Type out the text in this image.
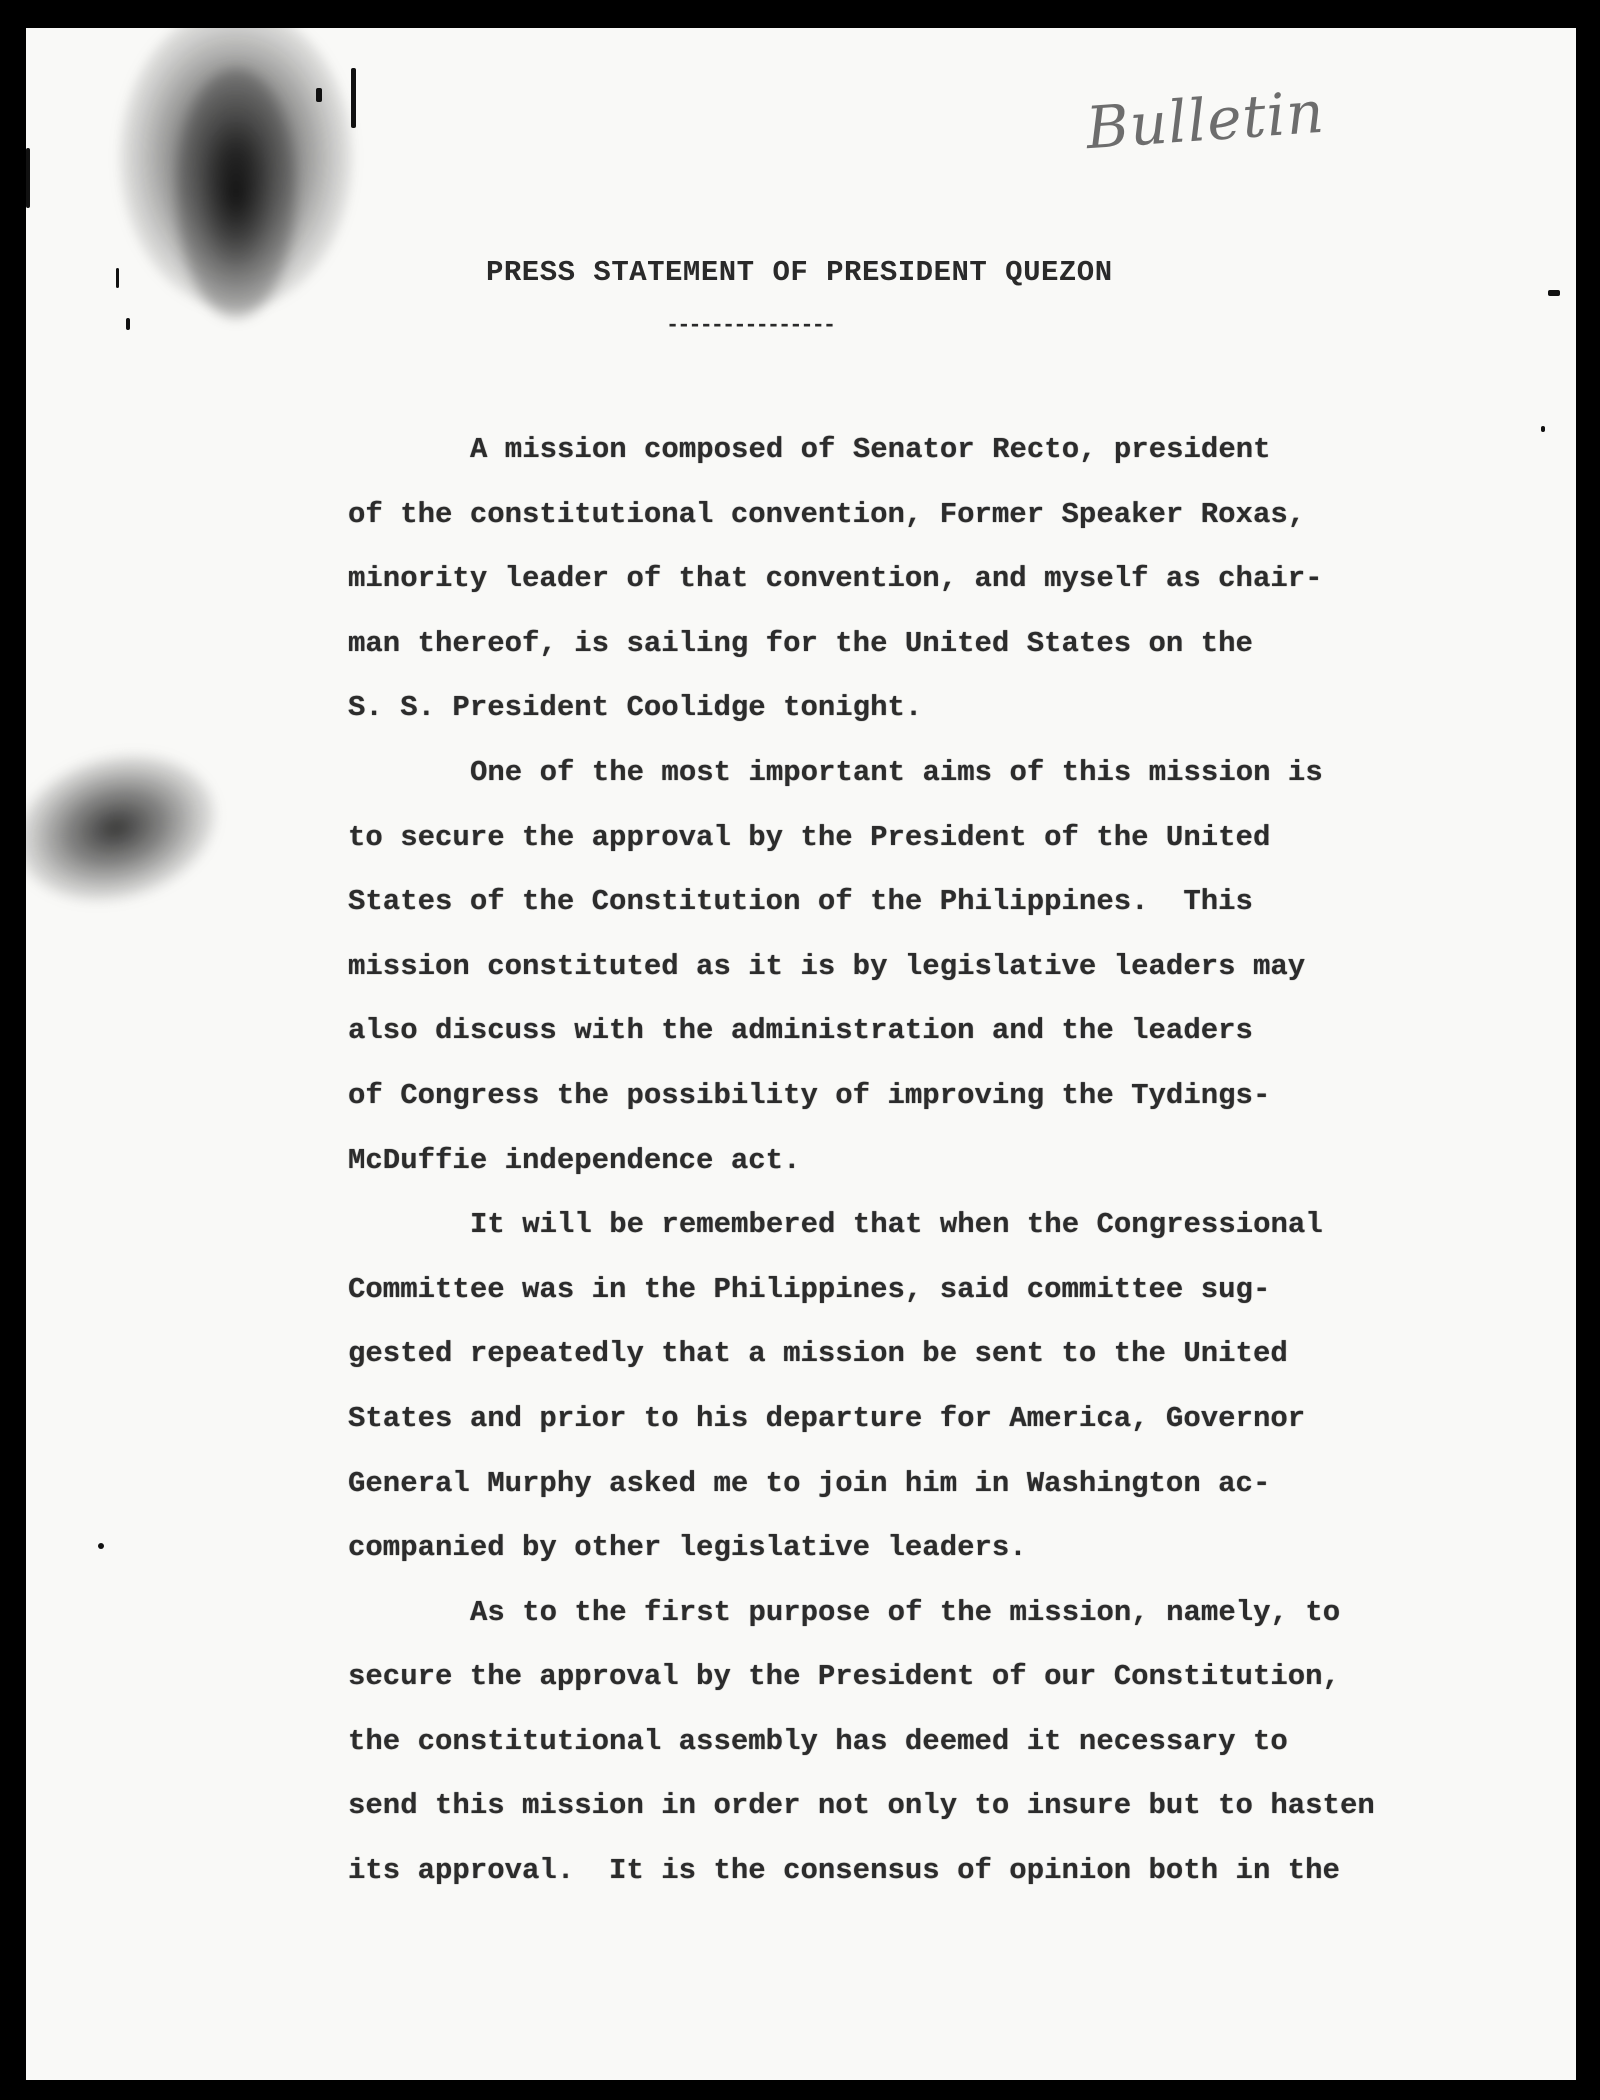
Bulletin
PRESS STATEMENT OF PRESIDENT QUEZON
---------------
A mission composed of Senator Recto, president
of the constitutional convention, Former Speaker Roxas,
minority leader of that convention, and myself as chair-
man thereof, is sailing for the United States on the
S. S. President Coolidge tonight.
One of the most important aims of this mission is
to secure the approval by the President of the United
States of the Constitution of the Philippines.  This
mission constituted as it is by legislative leaders may
also discuss with the administration and the leaders
of Congress the possibility of improving the Tydings-
McDuffie independence act.
It will be remembered that when the Congressional
Committee was in the Philippines, said committee sug-
gested repeatedly that a mission be sent to the United
States and prior to his departure for America, Governor
General Murphy asked me to join him in Washington ac-
companied by other legislative leaders.
As to the first purpose of the mission, namely, to
secure the approval by the President of our Constitution,
the constitutional assembly has deemed it necessary to
send this mission in order not only to insure but to hasten
its approval.  It is the consensus of opinion both in the
